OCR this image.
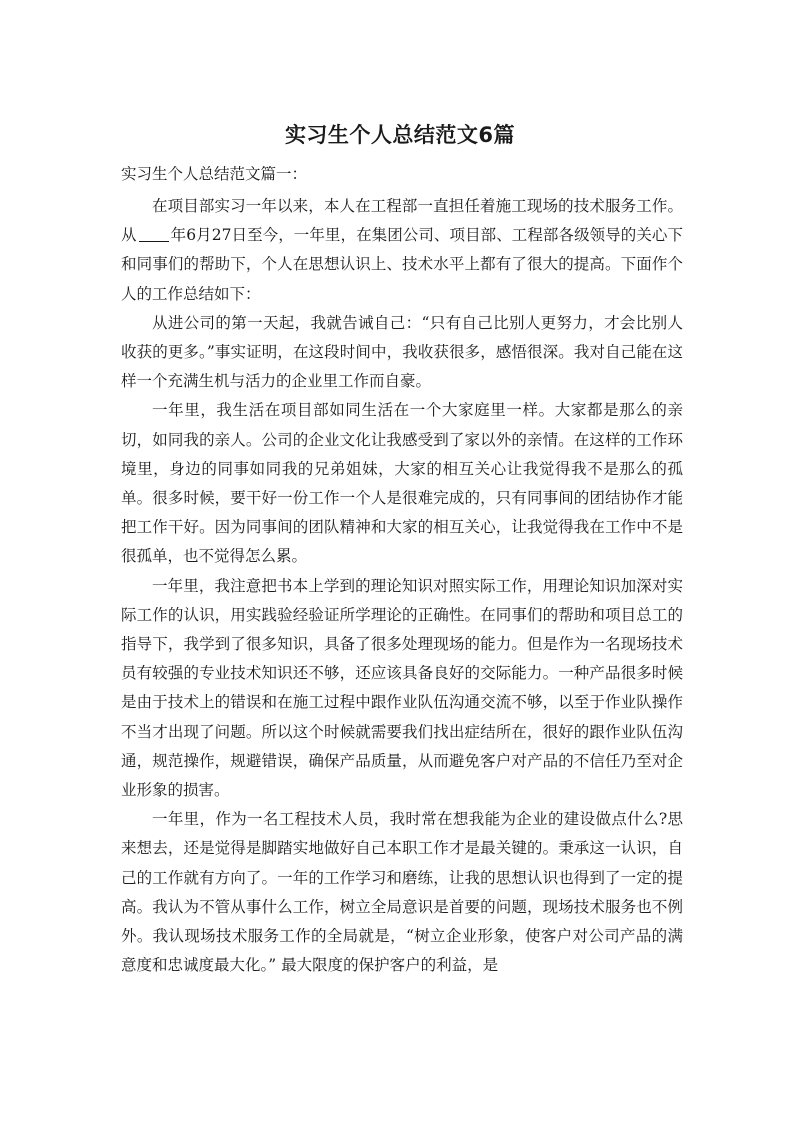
实习生个人总结范文6篇
实习生个人总结范文篇一：

在项目部实习一年以来，本人在工程部一直担任着施工现场的技术服务工作。从 年6月27日至今，一年里，在集团公司、项目部、工程部各级领导的关心下和同事们的帮助下，个人在思想认识上、技术水平上都有了很大的提高。下面作个人的工作总结如下：

从进公司的第一天起，我就告诫自己：“只有自己比别人更努力，才会比别人收获的更多。”事实证明，在这段时间中，我收获很多，感悟很深。我对自己能在这样一个充满生机与活力的企业里工作而自豪。

一年里，我生活在项目部如同生活在一个大家庭里一样。大家都是那么的亲切，如同我的亲人。公司的企业文化让我感受到了家以外的亲情。在这样的工作环境里，身边的同事如同我的兄弟姐妹，大家的相互关心让我觉得我不是那么的孤单。很多时候，要干好一份工作一个人是很难完成的，只有同事间的团结协作才能把工作干好。因为同事间的团队精神和大家的相互关心，让我觉得我在工作中不是很孤单，也不觉得怎么累。

一年里，我注意把书本上学到的理论知识对照实际工作，用理论知识加深对实际工作的认识，用实践验经验证所学理论的正确性。在同事们的帮助和项目总工的指导下，我学到了很多知识，具备了很多处理现场的能力。但是作为一名现场技术员有较强的专业技术知识还不够，还应该具备良好的交际能力。一种产品很多时候是由于技术上的错误和在施工过程中跟作业队伍沟通交流不够，以至于作业队操作不当才出现了问题。所以这个时候就需要我们找出症结所在，很好的跟作业队伍沟通，规范操作，规避错误，确保产品质量，从而避免客户对产品的不信任乃至对企业形象的损害。

一年里，作为一名工程技术人员，我时常在想我能为企业的建设做点什么?思来想去，还是觉得是脚踏实地做好自己本职工作才是最关键的。秉承这一认识，自己的工作就有方向了。一年的工作学习和磨练，让我的思想认识也得到了一定的提高。我认为不管从事什么工作，树立全局意识是首要的问题，现场技术服务也不例外。我认现场技术服务工作的全局就是，“树立企业形象，使客户对公司产品的满意度和忠诚度最大化。” 最大限度的保护客户的利益，是
